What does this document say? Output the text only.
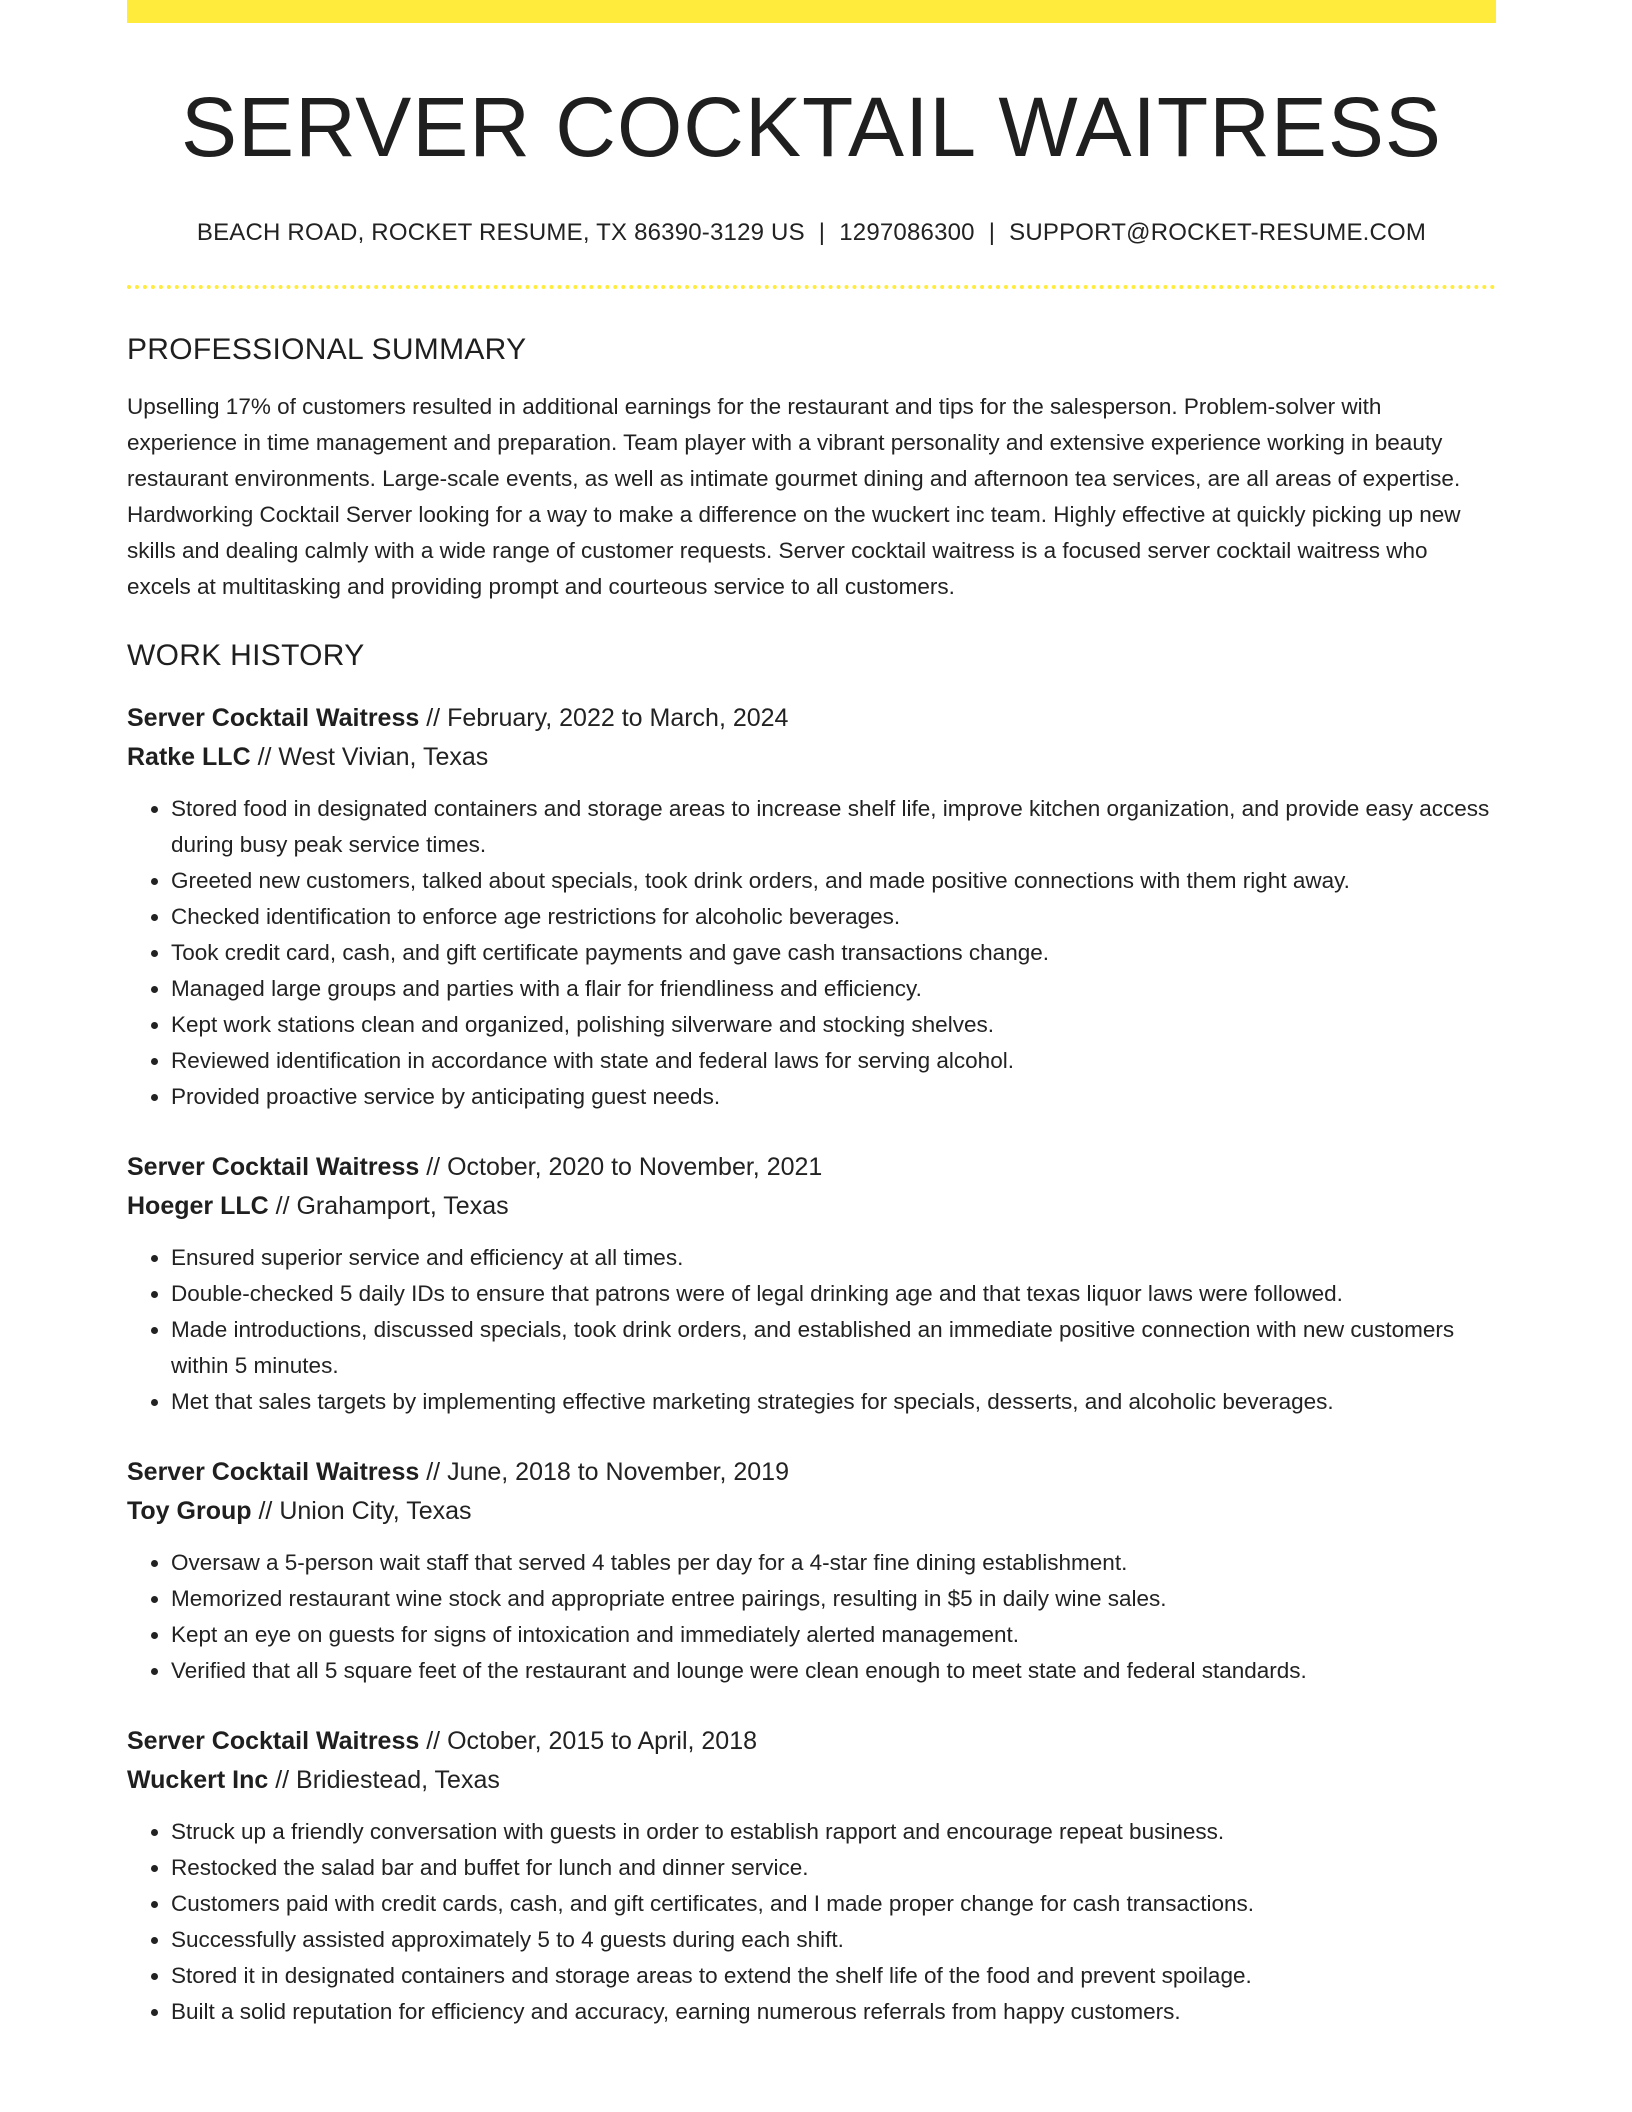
SERVER COCKTAIL WAITRESS
BEACH ROAD, ROCKET RESUME, TX 86390-3129 US | 1297086300 | SUPPORT@ROCKET-RESUME.COM
PROFESSIONAL SUMMARY

Upselling 17% of customers resulted in additional earnings for the restaurant and tips for the salesperson. Problem-solver with experience in time management and preparation. Team player with a vibrant personality and extensive experience working in beauty restaurant environments. Large-scale events, as well as intimate gourmet dining and afternoon tea services, are all areas of expertise. Hardworking Cocktail Server looking for a way to make a difference on the wuckert inc team. Highly effective at quickly picking up new skills and dealing calmly with a wide range of customer requests. Server cocktail waitress is a focused server cocktail waitress who excels at multitasking and providing prompt and courteous service to all customers.

WORK HISTORY
Server Cocktail Waitress // February, 2022 to March, 2024
Ratke LLC // West Vivian, Texas
• Stored food in designated containers and storage areas to increase shelf life, improve kitchen organization, and provide easy access during busy peak service times.
• Greeted new customers, talked about specials, took drink orders, and made positive connections with them right away.
• Checked identification to enforce age restrictions for alcoholic beverages.
• Took credit card, cash, and gift certificate payments and gave cash transactions change.
• Managed large groups and parties with a flair for friendliness and efficiency.
• Kept work stations clean and organized, polishing silverware and stocking shelves.
• Reviewed identification in accordance with state and federal laws for serving alcohol.
• Provided proactive service by anticipating guest needs.
Server Cocktail Waitress // October, 2020 to November, 2021
Hoeger LLC // Grahamport, Texas
• Ensured superior service and efficiency at all times.
• Double-checked 5 daily IDs to ensure that patrons were of legal drinking age and that texas liquor laws were followed.
• Made introductions, discussed specials, took drink orders, and established an immediate positive connection with new customers within 5 minutes.
• Met that sales targets by implementing effective marketing strategies for specials, desserts, and alcoholic beverages.
Server Cocktail Waitress // June, 2018 to November, 2019
Toy Group // Union City, Texas
• Oversaw a 5-person wait staff that served 4 tables per day for a 4-star fine dining establishment.
• Memorized restaurant wine stock and appropriate entree pairings, resulting in $5 in daily wine sales.
• Kept an eye on guests for signs of intoxication and immediately alerted management.
• Verified that all 5 square feet of the restaurant and lounge were clean enough to meet state and federal standards.
Server Cocktail Waitress // October, 2015 to April, 2018
Wuckert Inc // Bridiestead, Texas
• Struck up a friendly conversation with guests in order to establish rapport and encourage repeat business.
• Restocked the salad bar and buffet for lunch and dinner service.
• Customers paid with credit cards, cash, and gift certificates, and I made proper change for cash transactions.
• Successfully assisted approximately 5 to 4 guests during each shift.
• Stored it in designated containers and storage areas to extend the shelf life of the food and prevent spoilage.
• Built a solid reputation for efficiency and accuracy, earning numerous referrals from happy customers.
